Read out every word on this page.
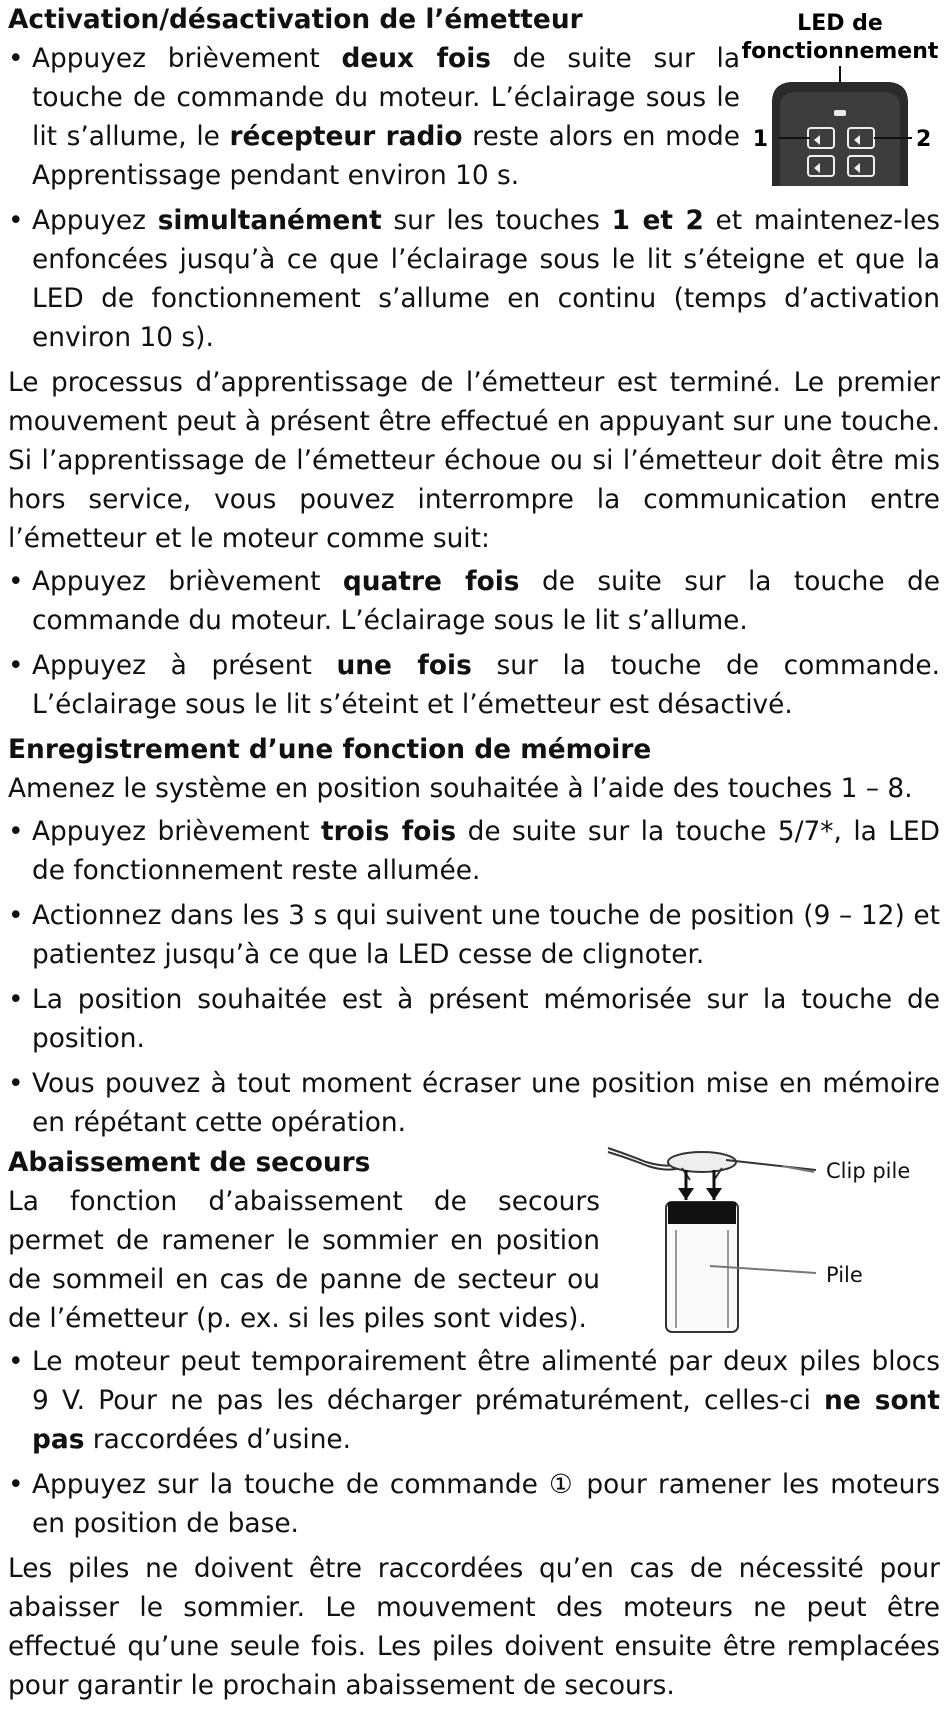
Activation/désactivation de l’émetteur	LED de
fonctionnement
1	2
• Appuyez brièvement deux fois de suite sur la touche de commande du moteur. L’éclairage sous le lit s’allume, le récepteur radio reste alors en mode Apprentissage pendant environ 10 s.
• Appuyez simultanément sur les touches 1 et 2 et maintenez-les enfoncées jusqu’à ce que l’éclairage sous le lit s’éteigne et que la LED de fonctionnement s’allume en continu (temps d’activation environ 10 s).

Le processus d’apprentissage de l’émetteur est terminé. Le premier mouvement peut à présent être effectué en appuyant sur une touche. Si l’apprentissage de l’émetteur échoue ou si l’émetteur doit être mis hors service, vous pouvez interrompre la communication entre l’émetteur et le moteur comme suit:

• Appuyez brièvement quatre fois de suite sur la touche de commande du moteur. L’éclairage sous le lit s’allume.
• Appuyez à présent une fois sur la touche de commande. L’éclairage sous le lit s’éteint et l’émetteur est désactivé.

Enregistrement d’une fonction de mémoire

Amenez le système en position souhaitée à l’aide des touches 1 – 8.

• Appuyez brièvement trois fois de suite sur la touche 5/7*, la LED de fonctionnement reste allumée.
• Actionnez dans les 3 s qui suivent une touche de position (9 – 12) et patientez jusqu’à ce que la LED cesse de clignoter.
• La position souhaitée est à présent mémorisée sur la touche de position.
• Vous pouvez à tout moment écraser une position mise en mémoire en répétant cette opération.
Clip pile
Pile

Abaissement de secours

La fonction d’abaissement de secours permet de ramener le sommier en position de sommeil en cas de panne de secteur ou de l’émetteur (p. ex. si les piles sont vides).

• Le moteur peut temporairement être alimenté par deux piles blocs 9 V. Pour ne pas les décharger prématurément, celles-ci ne sont pas raccordées d’usine.
• Appuyez sur la touche de commande ① pour ramener les moteurs en position de base.

Les piles ne doivent être raccordées qu’en cas de nécessité pour abaisser le sommier. Le mouvement des moteurs ne peut être effectué qu’une seule fois. Les piles doivent ensuite être remplacées pour garantir le prochain abaissement de secours.
